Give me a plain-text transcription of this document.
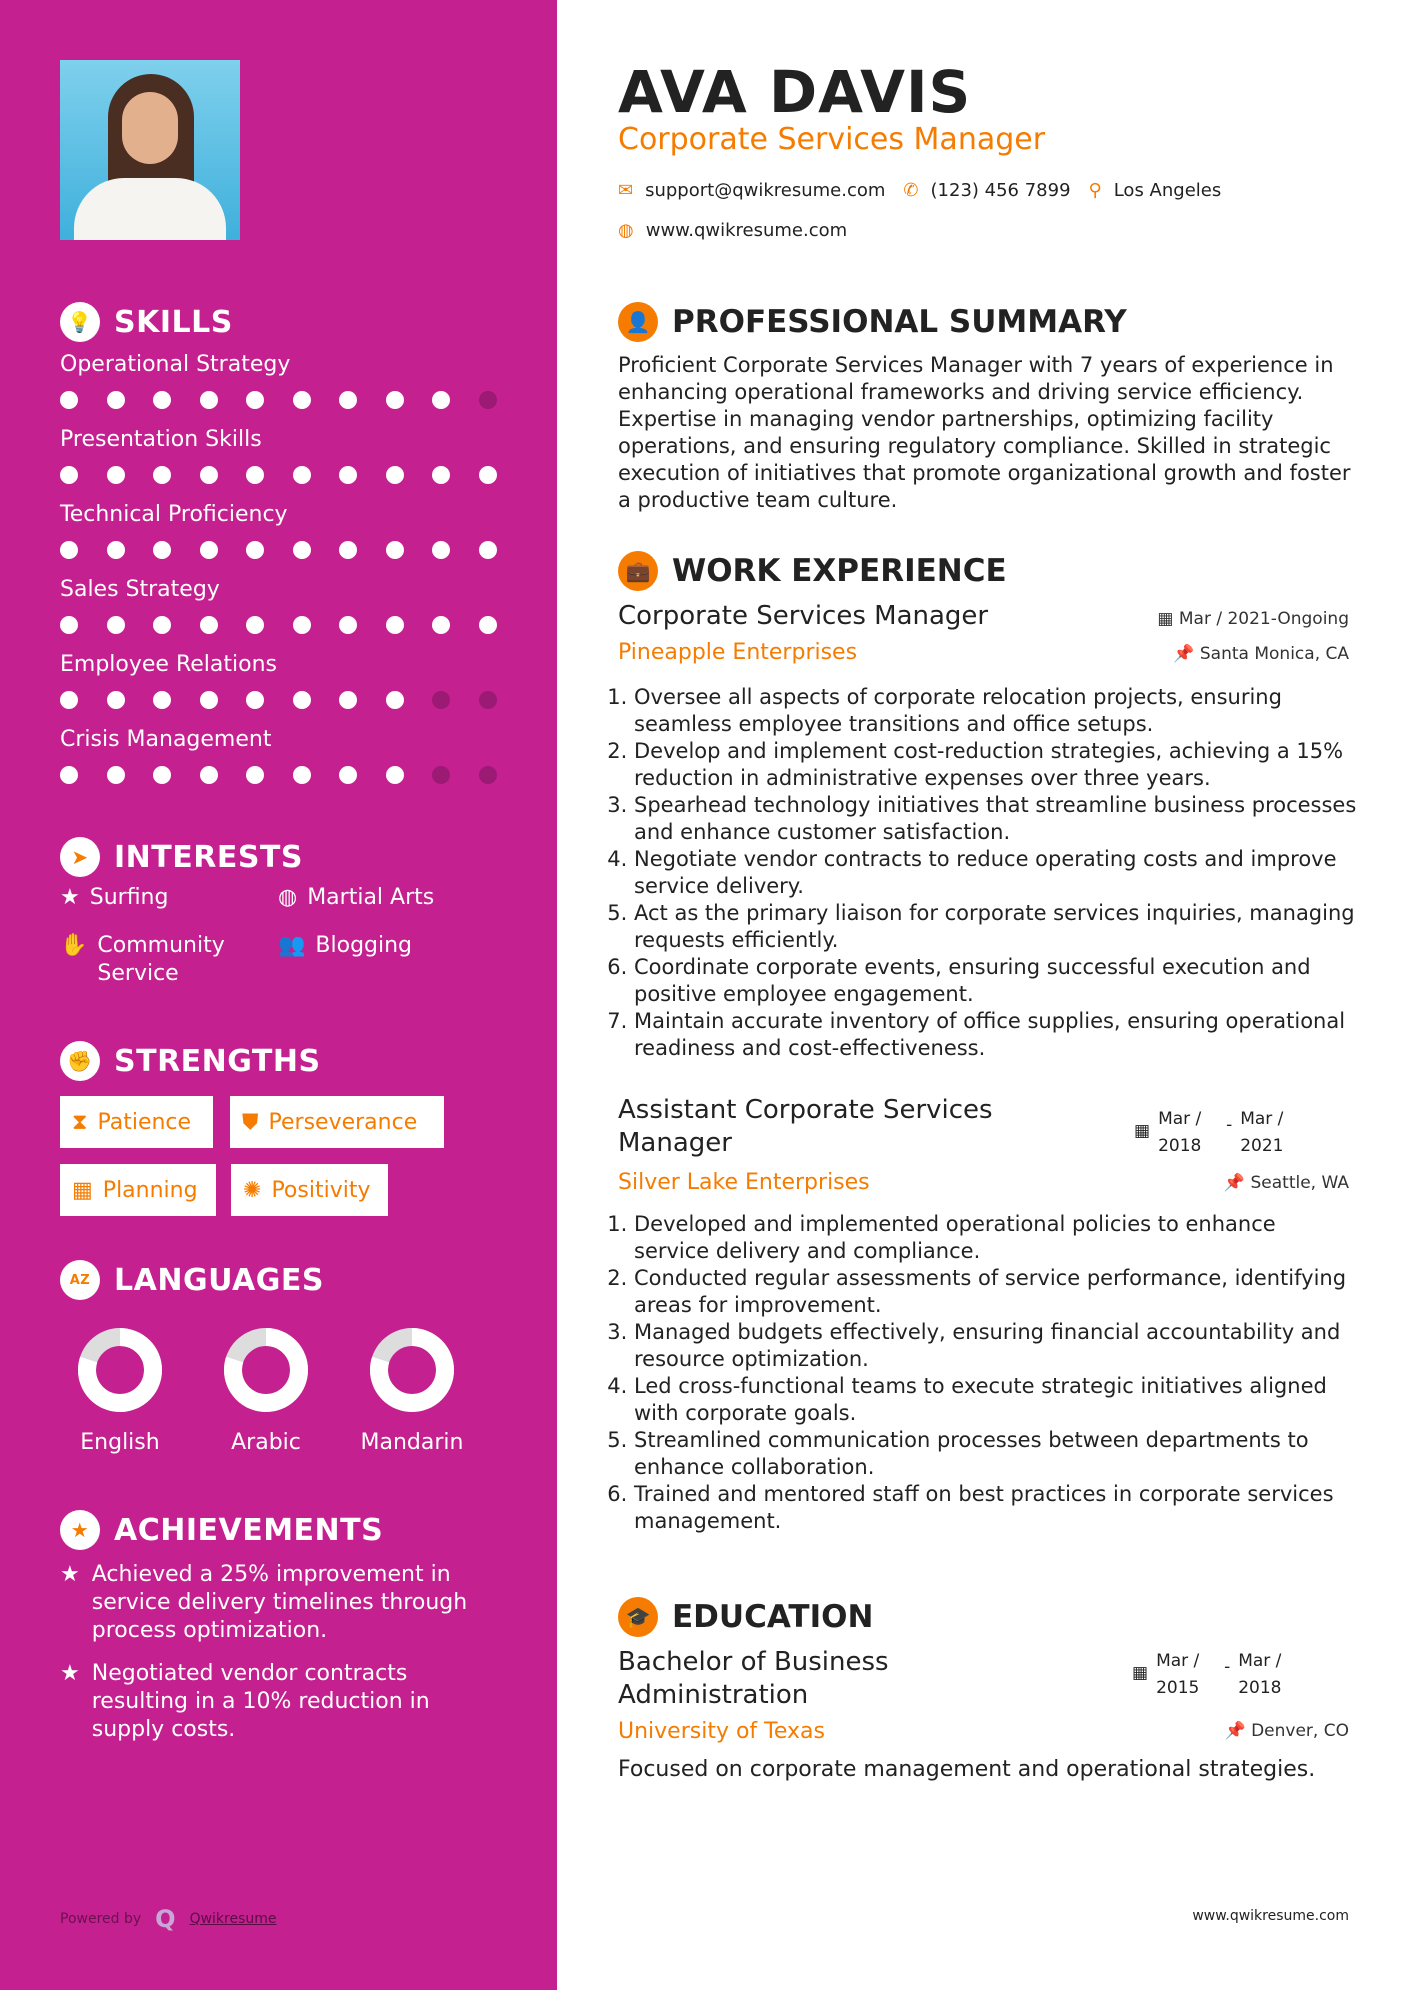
💡 SKILLS
Operational Strategy
Presentation Skills
Technical Proficiency
Sales Strategy
Employee Relations
Crisis Management
➤ INTERESTS
★ Surfing	◍ Martial Arts
✋ Community Service
👥 Blogging
✊ STRENGTHS
⧗ Patience ⛊ Perseverance
▦ Planning ✺ Positivity
AZ LANGUAGES
English	Arabic	Mandarin
★ ACHIEVEMENTS
★ Achieved a 25% improvement in service delivery timelines through process optimization.
★ Negotiated vendor contracts resulting in a 10% reduction in supply costs.
Powered by Q Qwikresume
AVA DAVIS
Corporate Services Manager
✉ support@qwikresume.com ✆ (123) 456 7899 ⚲ Los Angeles
◍ www.qwikresume.com
👤 PROFESSIONAL SUMMARY
Proficient Corporate Services Manager with 7 years of experience in enhancing operational frameworks and driving service efficiency. Expertise in managing vendor partnerships, optimizing facility operations, and ensuring regulatory compliance. Skilled in strategic execution of initiatives that promote organizational growth and foster a productive team culture.
💼 WORK EXPERIENCE
Corporate Services Manager	▦ Mar / 2021-Ongoing
Pineapple Enterprises	📌 Santa Monica, CA
1. Oversee all aspects of corporate relocation projects, ensuring seamless employee transitions and office setups.
2. Develop and implement cost-reduction strategies, achieving a 15% reduction in administrative expenses over three years.
3. Spearhead technology initiatives that streamline business processes and enhance customer satisfaction.
4. Negotiate vendor contracts to reduce operating costs and improve service delivery.
5. Act as the primary liaison for corporate services inquiries, managing requests efficiently.
6. Coordinate corporate events, ensuring successful execution and positive employee engagement.
7. Maintain accurate inventory of office supplies, ensuring operational readiness and cost-effectiveness.
Assistant Corporate Services Manager	▦
Mar / 2018
- Mar / 2021
Silver Lake Enterprises	📌 Seattle, WA
1. Developed and implemented operational policies to enhance service delivery and compliance.
2. Conducted regular assessments of service performance, identifying areas for improvement.
3. Managed budgets effectively, ensuring financial accountability and resource optimization.
4. Led cross-functional teams to execute strategic initiatives aligned with corporate goals.
5. Streamlined communication processes between departments to enhance collaboration.
6. Trained and mentored staff on best practices in corporate services management.
🎓 EDUCATION
Bachelor of Business Administration
▦
Mar / 2015
- Mar / 2018
University of Texas	📌 Denver, CO
Focused on corporate management and operational strategies.
www.qwikresume.com
